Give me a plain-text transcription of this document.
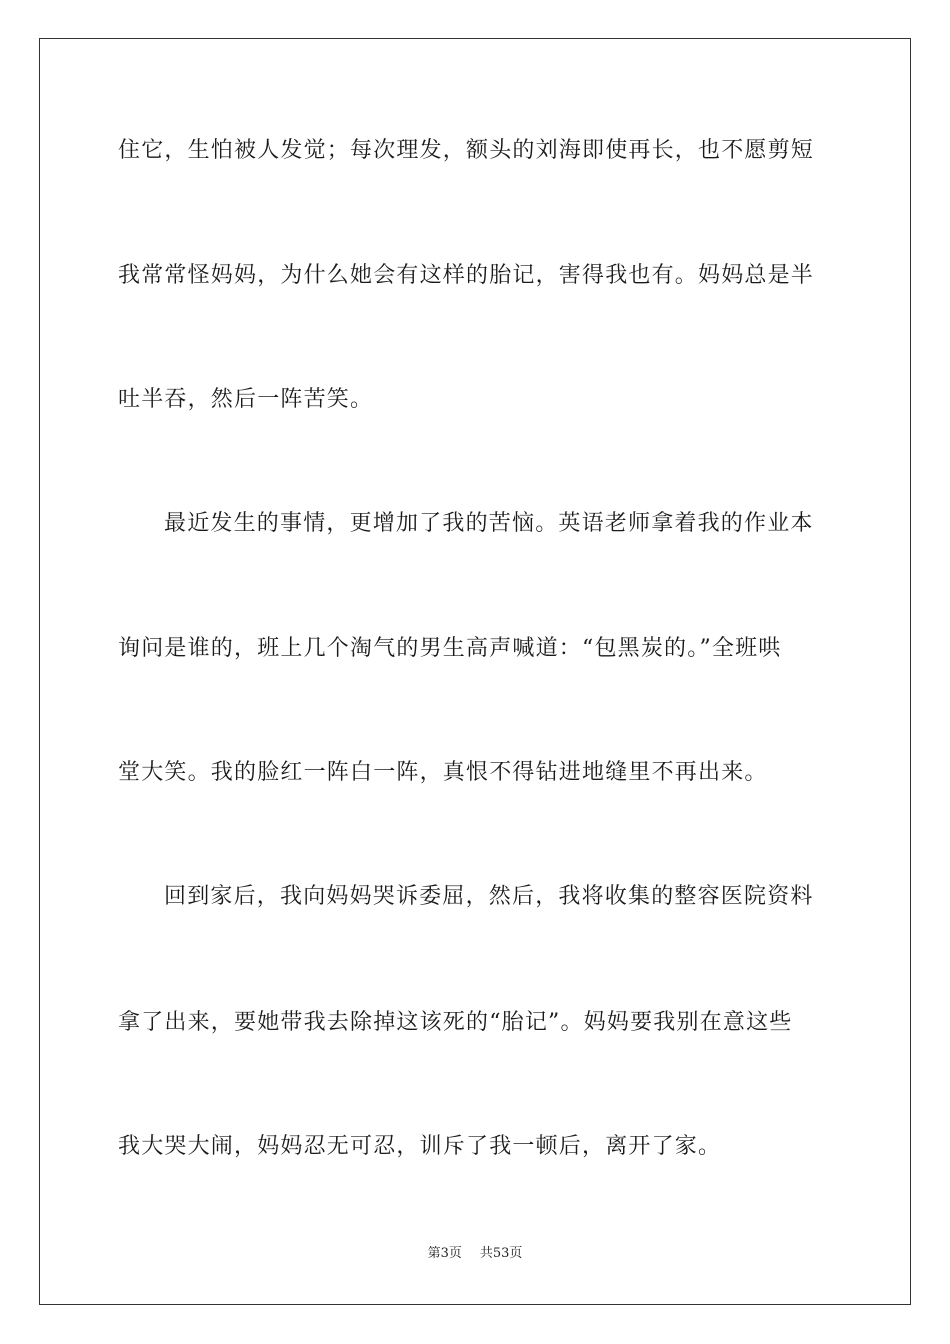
住它，生怕被人发觉；每次理发，额头的刘海即使再长，也不愿剪短
我常常怪妈妈，为什么她会有这样的胎记，害得我也有。妈妈总是半
吐半吞，然后一阵苦笑。
最近发生的事情，更增加了我的苦恼。英语老师拿着我的作业本
询问是谁的，班上几个淘气的男生高声喊道：“包黑炭的。”全班哄
堂大笑。我的脸红一阵白一阵，真恨不得钻进地缝里不再出来。
回到家后，我向妈妈哭诉委屈，然后，我将收集的整容医院资料
拿了出来，要她带我去除掉这该死的“胎记”。妈妈要我别在意这些
我大哭大闹，妈妈忍无可忍，训斥了我一顿后，离开了家。
第3页 共53页
